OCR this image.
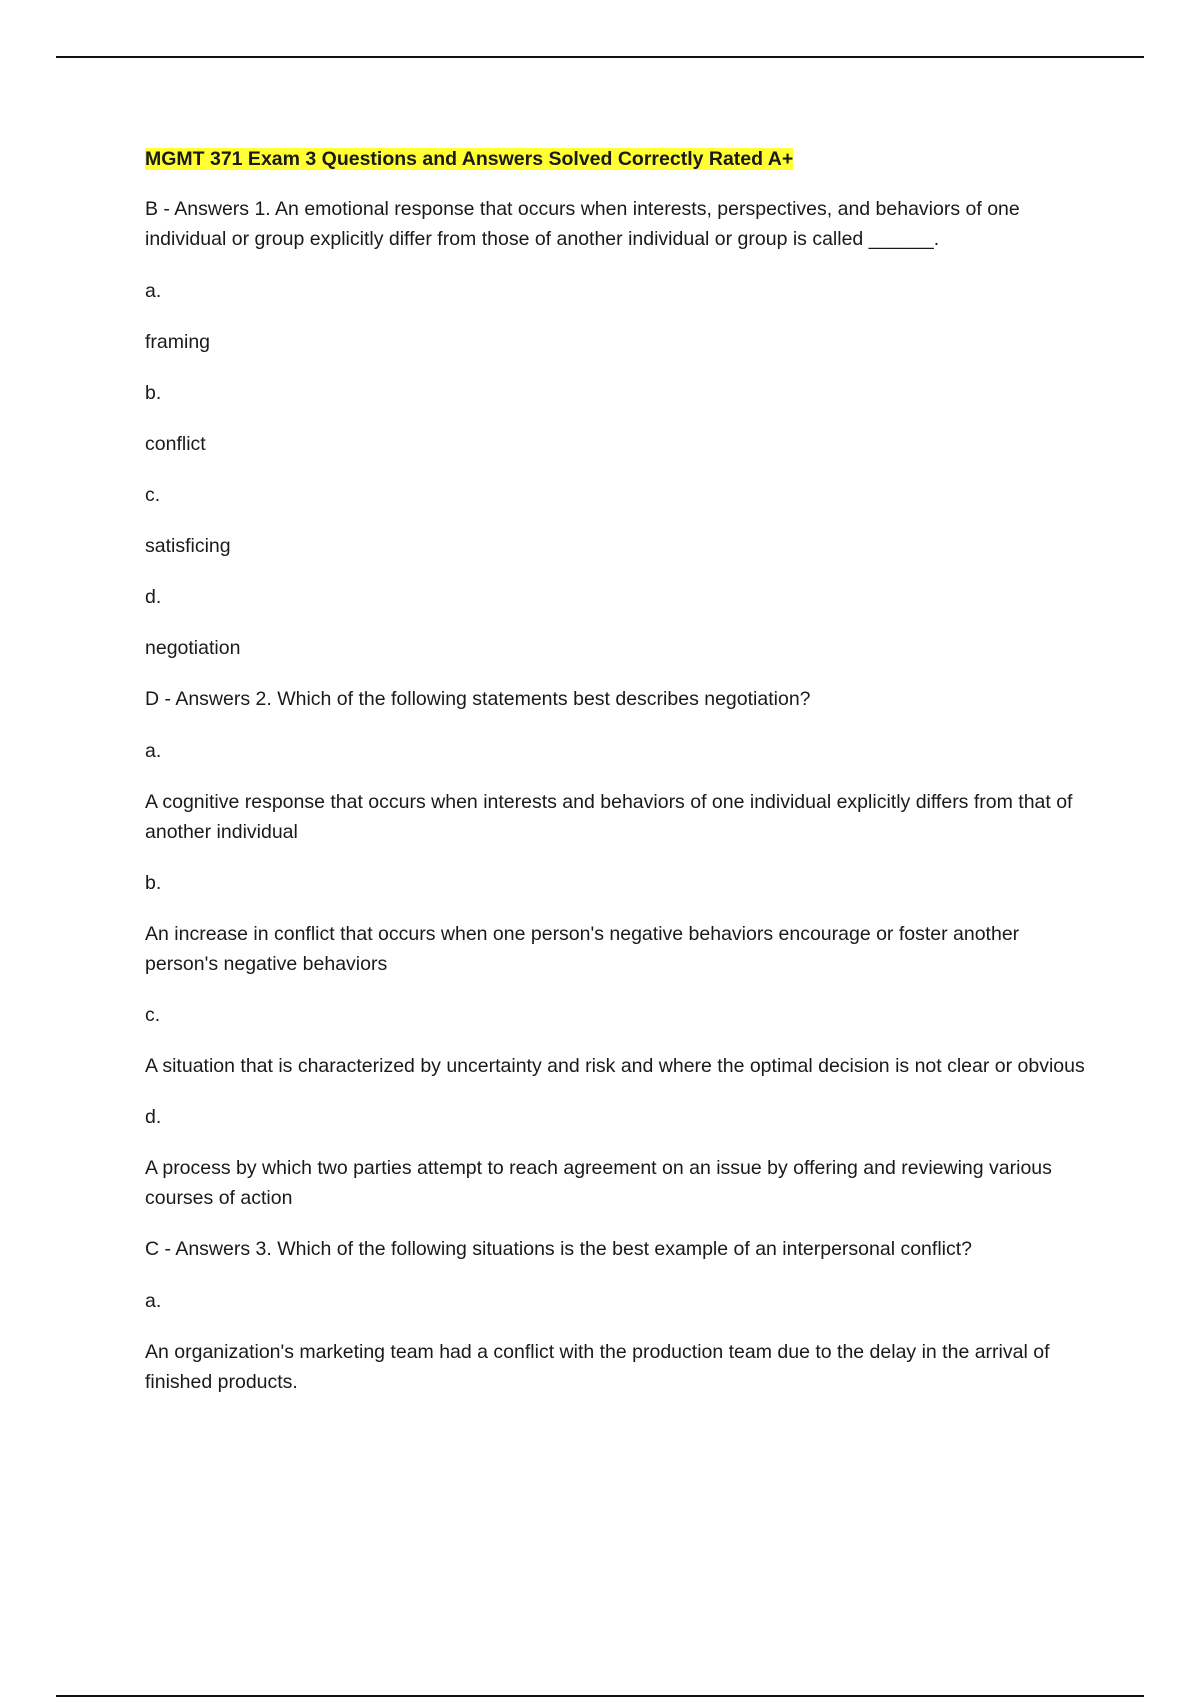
MGMT 371 Exam 3 Questions and Answers Solved Correctly Rated A+

B - Answers 1. An emotional response that occurs when interests, perspectives, and behaviors of one individual or group explicitly differ from those of another individual or group is called ______.

a.

framing

b.

conflict

c.

satisficing

d.

negotiation

D - Answers 2. Which of the following statements best describes negotiation?

a.

A cognitive response that occurs when interests and behaviors of one individual explicitly differs from that of another individual

b.

An increase in conflict that occurs when one person's negative behaviors encourage or foster another person's negative behaviors

c.

A situation that is characterized by uncertainty and risk and where the optimal decision is not clear or obvious

d.

A process by which two parties attempt to reach agreement on an issue by offering and reviewing various courses of action

C - Answers 3. Which of the following situations is the best example of an interpersonal conflict?

a.

An organization's marketing team had a conflict with the production team due to the delay in the arrival of finished products.
